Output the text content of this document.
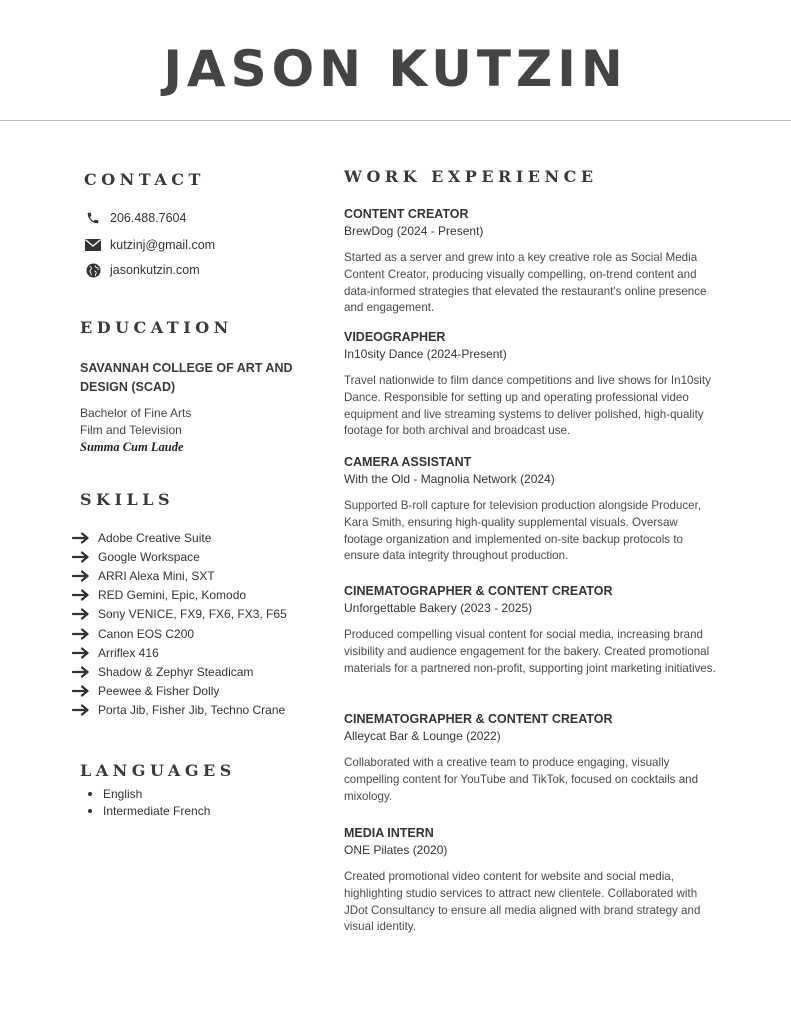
JASON KUTZIN
CONTACT
206.488.7604
kutzinj@gmail.com
jasonkutzin.com
EDUCATION
SAVANNAH COLLEGE OF ART AND DESIGN (SCAD)
Bachelor of Fine Arts
Film and Television
Summa Cum Laude
SKILLS
Adobe Creative Suite
Google Workspace
ARRI Alexa Mini, SXT
RED Gemini, Epic, Komodo
Sony VENICE, FX9, FX6, FX3, F65
Canon EOS C200
Arriflex 416
Shadow & Zephyr Steadicam
Peewee & Fisher Dolly
Porta Jib, Fisher Jib, Techno Crane
LANGUAGES
English
Intermediate French
WORK EXPERIENCE
CONTENT CREATOR
BrewDog (2024 - Present)
Started as a server and grew into a key creative role as Social Media Content Creator, producing visually compelling, on-trend content and data-informed strategies that elevated the restaurant's online presence and engagement.
VIDEOGRAPHER
In10sity Dance (2024-Present)
Travel nationwide to film dance competitions and live shows for In10sity Dance. Responsible for setting up and operating professional video equipment and live streaming systems to deliver polished, high-quality footage for both archival and broadcast use.
CAMERA ASSISTANT
With the Old - Magnolia Network (2024)
Supported B-roll capture for television production alongside Producer, Kara Smith, ensuring high-quality supplemental visuals. Oversaw footage organization and implemented on-site backup protocols to ensure data integrity throughout production.
CINEMATOGRAPHER & CONTENT CREATOR
Unforgettable Bakery (2023 - 2025)
Produced compelling visual content for social media, increasing brand visibility and audience engagement for the bakery. Created promotional materials for a partnered non-profit, supporting joint marketing initiatives.
CINEMATOGRAPHER & CONTENT CREATOR
Alleycat Bar & Lounge (2022)
Collaborated with a creative team to produce engaging, visually compelling content for YouTube and TikTok, focused on cocktails and mixology.
MEDIA INTERN
ONE Pilates (2020)
Created promotional video content for website and social media, highlighting studio services to attract new clientele. Collaborated with JDot Consultancy to ensure all media aligned with brand strategy and visual identity.
